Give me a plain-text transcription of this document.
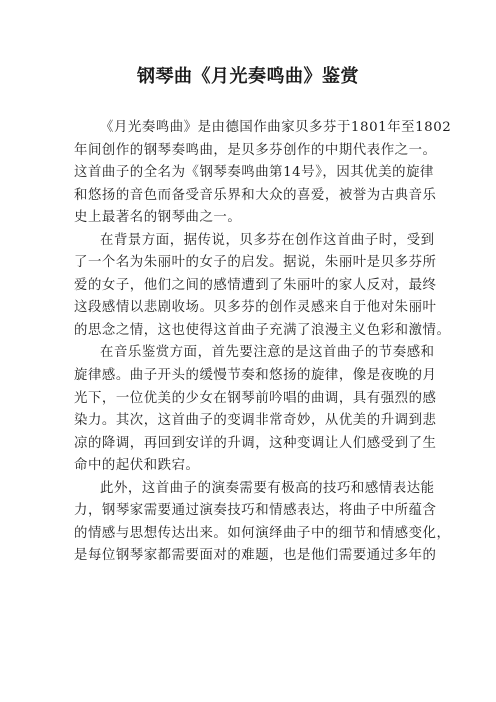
钢琴曲《月光奏鸣曲》鉴赏
《月光奏鸣曲》是由德国作曲家贝多芬于1801年至1802
年间创作的钢琴奏鸣曲，是贝多芬创作的中期代表作之一。
这首曲子的全名为《钢琴奏鸣曲第14号》，因其优美的旋律
和悠扬的音色而备受音乐界和大众的喜爱，被誉为古典音乐
史上最著名的钢琴曲之一。
在背景方面，据传说，贝多芬在创作这首曲子时，受到
了一个名为朱丽叶的女子的启发。据说，朱丽叶是贝多芬所
爱的女子，他们之间的感情遭到了朱丽叶的家人反对，最终
这段感情以悲剧收场。贝多芬的创作灵感来自于他对朱丽叶
的思念之情，这也使得这首曲子充满了浪漫主义色彩和激情。
在音乐鉴赏方面，首先要注意的是这首曲子的节奏感和
旋律感。曲子开头的缓慢节奏和悠扬的旋律，像是夜晚的月
光下，一位优美的少女在钢琴前吟唱的曲调，具有强烈的感
染力。其次，这首曲子的变调非常奇妙，从优美的升调到悲
凉的降调，再回到安详的升调，这种变调让人们感受到了生
命中的起伏和跌宕。
此外，这首曲子的演奏需要有极高的技巧和感情表达能
力，钢琴家需要通过演奏技巧和情感表达，将曲子中所蕴含
的情感与思想传达出来。如何演绎曲子中的细节和情感变化，
是每位钢琴家都需要面对的难题，也是他们需要通过多年的
